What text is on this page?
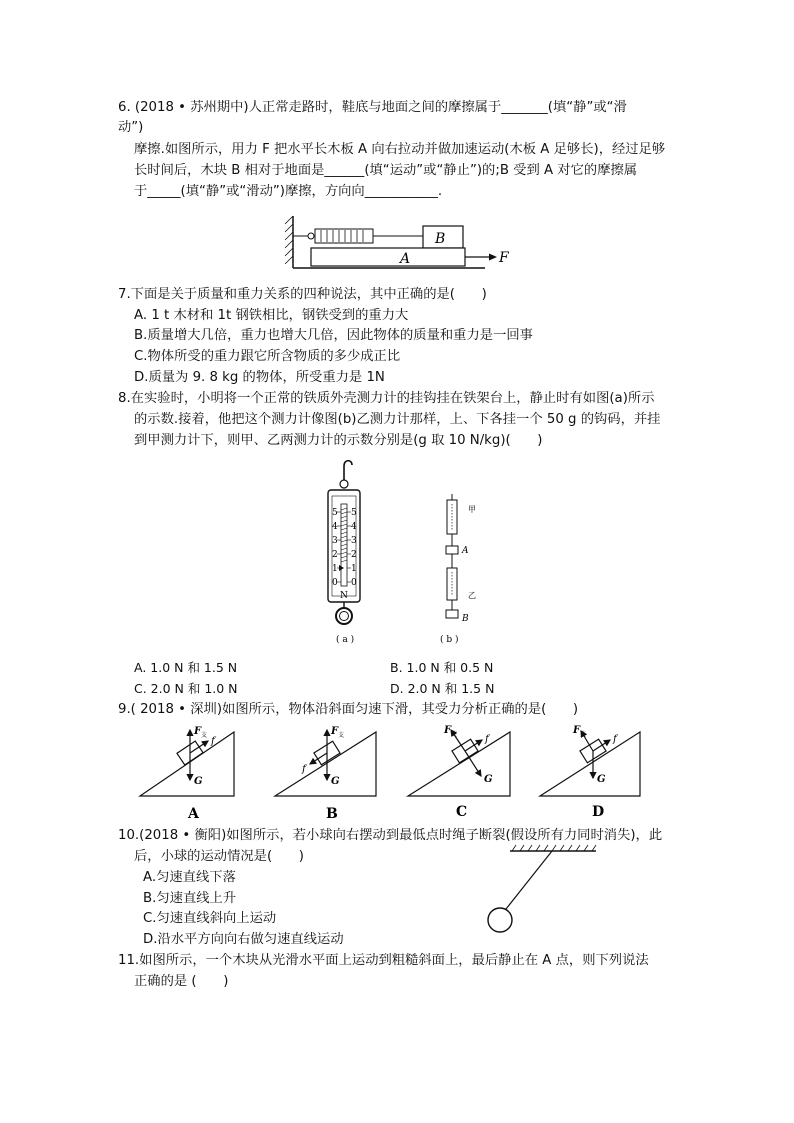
6. (2018 • 苏州期中)人正常走路时，鞋底与地面之间的摩擦属于_______(填“静”或“滑
动”)
摩擦.如图所示，用力 F 把水平长木板 A 向右拉动并做加速运动(木板 A 足够长)，经过足够
长时间后，木块 B 相对于地面是______(填“运动”或“静止”)的;B 受到 A 对它的摩擦属
于_____(填“静”或“滑动”)摩擦，方向向___________.
B
A	F
7.下面是关于质量和重力关系的四种说法，其中正确的是(　　)
A. 1 t 木材和 1t 钢铁相比，钢铁受到的重力大
B.质量增大几倍，重力也增大几倍，因此物体的质量和重力是一回事
C.物体所受的重力跟它所含物质的多少成正比
D.质量为 9. 8 kg 的物体，所受重力是 1N
8.在实验时，小明将一个正常的铁质外壳测力计的挂钩挂在铁架台上，静止时有如图(a)所示
的示数.接着，他把这个测力计像图(b)乙测力计那样，上、下各挂一个 50 g 的钩码，并挂
到甲测力计下，则甲、乙两测力计的示数分别是(g 取 10 N/kg)(　　)
5
4
3
2
1
0
5
4
3
2
1
0
N
( a )
甲
A
乙
B
( b )
A. 1.0 N 和 1.5 N	B. 1.0 N 和 0.5 N
C. 2.0 N 和 1.0 N	D. 2.0 N 和 1.5 N
9.( 2018 • 深圳)如图所示，物体沿斜面匀速下滑，其受力分析正确的是(　　)
F 支
f
G
A
F 支
f
G
B
F 支	f
G
C
F 支	f
G
D
10.(2018 • 衡阳)如图所示，若小球向右摆动到最低点时绳子断裂(假设所有力同时消失)，此
后，小球的运动情况是(　　)
A.匀速直线下落
B.匀速直线上升
C.匀速直线斜向上运动
D.沿水平方向向右做匀速直线运动
11.如图所示，一个木块从光滑水平面上运动到粗糙斜面上，最后静止在 A 点，则下列说法
正确的是 (　　)
